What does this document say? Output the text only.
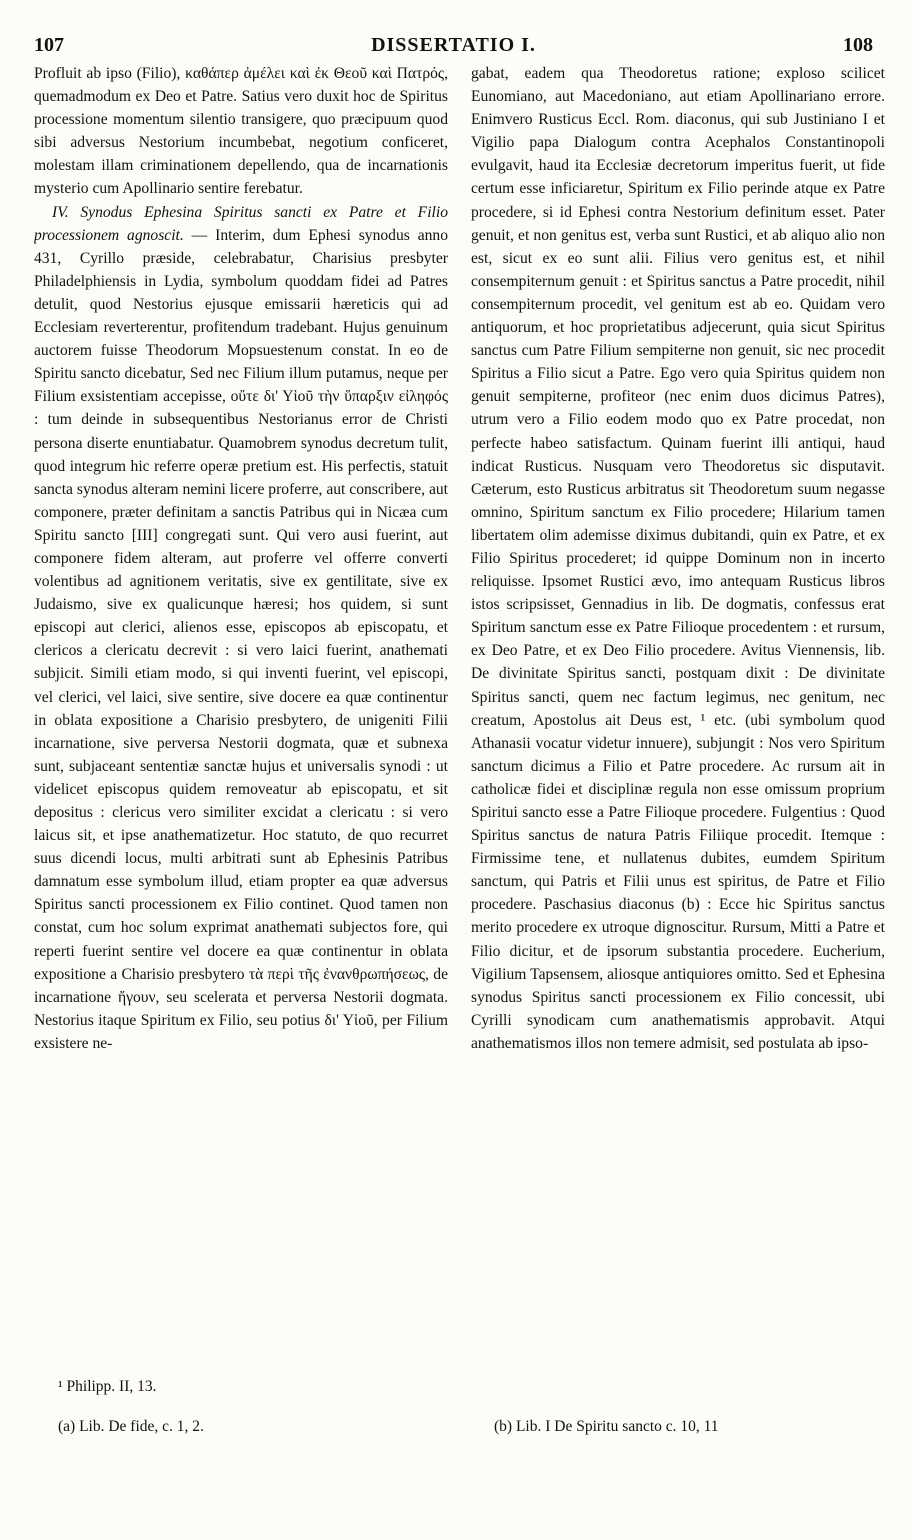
107	DISSERTATIO I.	108

Profluit ab ipso (Filio), καθάπερ ἀμέλει καὶ ἐκ Θεοῦ καὶ Πατρός, quemadmodum ex Deo et Patre. Satius vero duxit hoc de Spiritus processione momentum silentio transigere, quo præcipuum quod sibi adversus Nestorium incumbebat, negotium conficeret, molestam illam criminationem depellendo, qua de incarnationis mysterio cum Apollinario sentire ferebatur.

IV. Synodus Ephesina Spiritus sancti ex Patre et Filio processionem agnoscit. — Interim, dum Ephesi synodus anno 431, Cyrillo præside, celebrabatur, Charisius presbyter Philadelphiensis in Lydia, symbolum quoddam fidei ad Patres detulit, quod Nestorius ejusque emissarii hæreticis qui ad Ecclesiam reverterentur, profitendum tradebant. Hujus genuinum auctorem fuisse Theodorum Mopsuestenum constat. In eo de Spiritu sancto dicebatur, Sed nec Filium illum putamus, neque per Filium exsistentiam accepisse, οὔτε δι' Υἱοῦ τὴν ὕπαρξιν εἰληφός : tum deinde in subsequentibus Nestorianus error de Christi persona diserte enuntiabatur. Quamobrem synodus decretum tulit, quod integrum hic referre operæ pretium est. His perfectis, statuit sancta synodus alteram nemini licere proferre, aut conscribere, aut componere, præter definitam a sanctis Patribus qui in Nicæa cum Spiritu sancto [III] congregati sunt. Qui vero ausi fuerint, aut componere fidem alteram, aut proferre vel offerre converti volentibus ad agnitionem veritatis, sive ex gentilitate, sive ex Judaismo, sive ex qualicunque hæresi; hos quidem, si sunt episcopi aut clerici, alienos esse, episcopos ab episcopatu, et clericos a clericatu decrevit : si vero laici fuerint, anathemati subjicit. Simili etiam modo, si qui inventi fuerint, vel episcopi, vel clerici, vel laici, sive sentire, sive docere ea quæ continentur in oblata expositione a Charisio presbytero, de unigeniti Filii incarnatione, sive perversa Nestorii dogmata, quæ et subnexa sunt, subjaceant sententiæ sanctæ hujus et universalis synodi : ut videlicet episcopus quidem removeatur ab episcopatu, et sit depositus : clericus vero similiter excidat a clericatu : si vero laicus sit, et ipse anathematizetur. Hoc statuto, de quo recurret suus dicendi locus, multi arbitrati sunt ab Ephesinis Patribus damnatum esse symbolum illud, etiam propter ea quæ adversus Spiritus sancti processionem ex Filio continet. Quod tamen non constat, cum hoc solum exprimat anathemati subjectos fore, qui reperti fuerint sentire vel docere ea quæ continentur in oblata expositione a Charisio presbytero τὰ περὶ τῆς ἐνανθρωπήσεως, de incarnatione ἤγουν, seu scelerata et perversa Nestorii dogmata. Nestorius itaque Spiritum ex Filio, seu potius δι' Υἱοῦ, per Filium exsistere ne-

gabat, eadem qua Theodoretus ratione; exploso scilicet Eunomiano, aut Macedoniano, aut etiam Apollinariano errore. Enimvero Rusticus Eccl. Rom. diaconus, qui sub Justiniano I et Vigilio papa Dialogum contra Acephalos Constantinopoli evulgavit, haud ita Ecclesiæ decretorum imperitus fuerit, ut fide certum esse inficiaretur, Spiritum ex Filio perinde atque ex Patre procedere, si id Ephesi contra Nestorium definitum esset. Pater genuit, et non genitus est, verba sunt Rustici, et ab aliquo alio non est, sicut ex eo sunt alii. Filius vero genitus est, et nihil consempiternum genuit : et Spiritus sanctus a Patre procedit, nihil consempiternum procedit, vel genitum est ab eo. Quidam vero antiquorum, et hoc proprietatibus adjecerunt, quia sicut Spiritus sanctus cum Patre Filium sempiterne non genuit, sic nec procedit Spiritus a Filio sicut a Patre. Ego vero quia Spiritus quidem non genuit sempiterne, profiteor (nec enim duos dicimus Patres), utrum vero a Filio eodem modo quo ex Patre procedat, non perfecte habeo satisfactum. Quinam fuerint illi antiqui, haud indicat Rusticus. Nusquam vero Theodoretus sic disputavit. Cæterum, esto Rusticus arbitratus sit Theodoretum suum negasse omnino, Spiritum sanctum ex Filio procedere; Hilarium tamen libertatem olim ademisse diximus dubitandi, quin ex Patre, et ex Filio Spiritus procederet; id quippe Dominum non in incerto reliquisse. Ipsomet Rustici ævo, imo antequam Rusticus libros istos scripsisset, Gennadius in lib. De dogmatis, confessus erat Spiritum sanctum esse ex Patre Filioque procedentem : et rursum, ex Deo Patre, et ex Deo Filio procedere. Avitus Viennensis, lib. De divinitate Spiritus sancti, postquam dixit : De divinitate Spiritus sancti, quem nec factum legimus, nec genitum, nec creatum, Apostolus ait Deus est, ¹ etc. (ubi symbolum quod Athanasii vocatur videtur innuere), subjungit : Nos vero Spiritum sanctum dicimus a Filio et Patre procedere. Ac rursum ait in catholicæ fidei et disciplinæ regula non esse omissum proprium Spiritui sancto esse a Patre Filioque procedere. Fulgentius : Quod Spiritus sanctus de natura Patris Filiique procedit. Itemque : Firmissime tene, et nullatenus dubites, eumdem Spiritum sanctum, qui Patris et Filii unus est spiritus, de Patre et Filio procedere. Paschasius diaconus (b) : Ecce hic Spiritus sanctus merito procedere ex utroque dignoscitur. Rursum, Mitti a Patre et Filio dicitur, et de ipsorum substantia procedere. Eucherium, Vigilium Tapsensem, aliosque antiquiores omitto. Sed et Ephesina synodus Spiritus sancti processionem ex Filio concessit, ubi Cyrilli synodicam cum anathematismis approbavit. Atqui anathematismos illos non temere admisit, sed postulata ab ipso-

¹ Philipp. II, 13.
(a) Lib. De fide, c. 1, 2.	(b) Lib. I De Spiritu sancto c. 10, 11
